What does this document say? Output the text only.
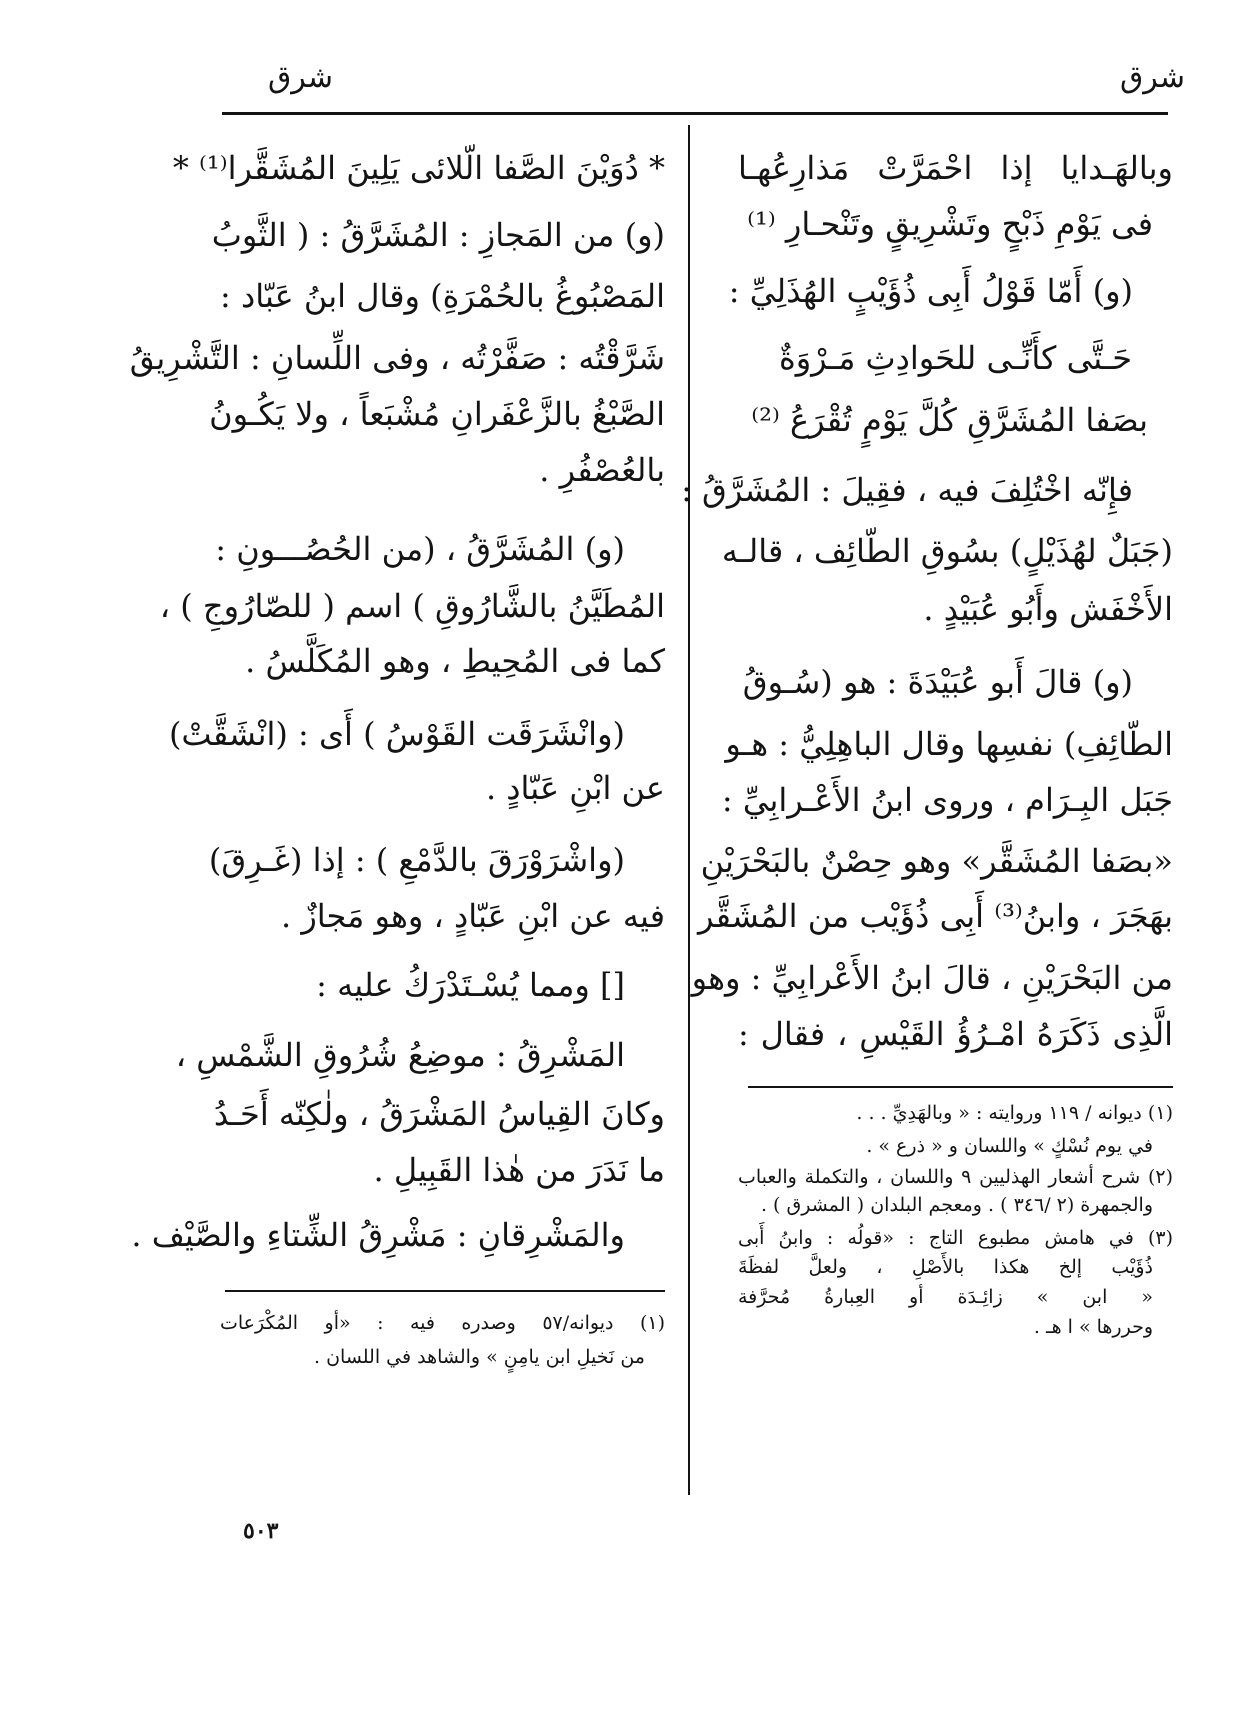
شرق
شرق
وبالهَـدايا إذا احْمَرَّتْ مَذارِعُهـا
فى يَوْمِ ذَبْحٍ وتَشْرِيقٍ وتَنْحـارِ ⁽¹⁾
(و) أَمّا قَوْلُ أَبِى ذُؤَيْبٍ الهُذَلِيِّ :
حَـتَّى كأَنِّـى للحَوادِثِ مَـرْوَةٌ
بصَفا المُشَرَّقِ كُلَّ يَوْمٍ تُقْرَعُ ⁽²⁾
فإِنّه اخْتُلِفَ فيه ، فقِيلَ : المُشَرَّقُ :
(جَبَلٌ لهُذَيْلٍ) بسُوقِ الطّائِف ، قالـه
الأَخْفَش وأَبُو عُبَيْدٍ .
(و) قالَ أَبو عُبَيْدَةَ : هو (سُـوقُ
الطّائِفِ) نفسِها وقال الباهِلِيُّ : هـو
جَبَل البِـرَام ، وروى ابنُ الأَعْـرابِيِّ :
«بصَفا المُشَقَّر» وهو حِصْنٌ بالبَحْرَيْنِ
بهَجَرَ ، وابنُ⁽³⁾ أَبِى ذُؤَيْب من المُشَقَّر
من البَحْرَيْنِ ، قالَ ابنُ الأَعْرابِيِّ : وهو
الَّذِى ذَكَرَهُ امْـرُؤُ القَيْسِ ، فقال :
(١) ديوانه / ١١٩ وروايته : « وبالهَدِيِّ . . .
في يوم نُسْكٍ » واللسان و « ذرع » .
(٢) شرح أشعار الهذليين ٩ واللسان ، والتكملة والعباب
والجمهرة (٢ /٣٤٦ ) . ومعجم البلدان ( المشرق ) .
(٣) في هامش مطبوع التاج : «قولُه : وابنُ أَبى
ذُؤَيْب إلخ هكذا بالأَصْلِ ، ولعلَّ لفظَةَ
« ابن » زائِـدَة أو العِبارةُ مُحرَّفة
وحررها » ا هـ .
* دُوَيْنَ الصَّفا الّلائى يَلِينَ المُشَقَّرا⁽¹⁾ *
(و) من المَجازِ : المُشَرَّقُ : ( الثَّوبُ
المَصْبُوغُ بالحُمْرَةِ) وقال ابنُ عَبّاد :
شَرَّقْتُه : صَفَّرْتُه ، وفى اللِّسانِ : التَّشْرِيقُ
الصَّبْغُ بالزَّعْفَرانِ مُشْبَعاً ، ولا يَكُـونُ
بالعُصْفُرِ .
(و) المُشَرَّقُ ، (من الحُصُـــونِ :
المُطَيَّنُ بالشَّارُوقِ ) اسم ( للصّارُوجِ ) ،
كما فى المُحِيطِ ، وهو المُكَلَّسُ .
(وانْشَرَقَت القَوْسُ ) أَى : (انْشَقَّتْ)
عن ابْنِ عَبّادٍ .
(واشْرَوْرَقَ بالدَّمْعِ ) : إذا (غَـرِقَ)
فيه عن ابْنِ عَبّادٍ ، وهو مَجازٌ .
[] ومما يُسْـتَدْرَكُ عليه :
المَشْرِقُ : موضِعُ شُرُوقِ الشَّمْسِ ،
وكانَ القِياسُ المَشْرَقُ ، ولٰكِنّه أَحَـدُ
ما نَدَرَ من هٰذا القَبِيلِ .
والمَشْرِقانِ : مَشْرِقُ الشِّتاءِ والصَّيْف .
(١) ديوانه/٥٧ وصدره فيه : «أو المُكْرَعات
من نَخيلِ ابن يامِنٍ » والشاهد في اللسان .
٥٠٣
